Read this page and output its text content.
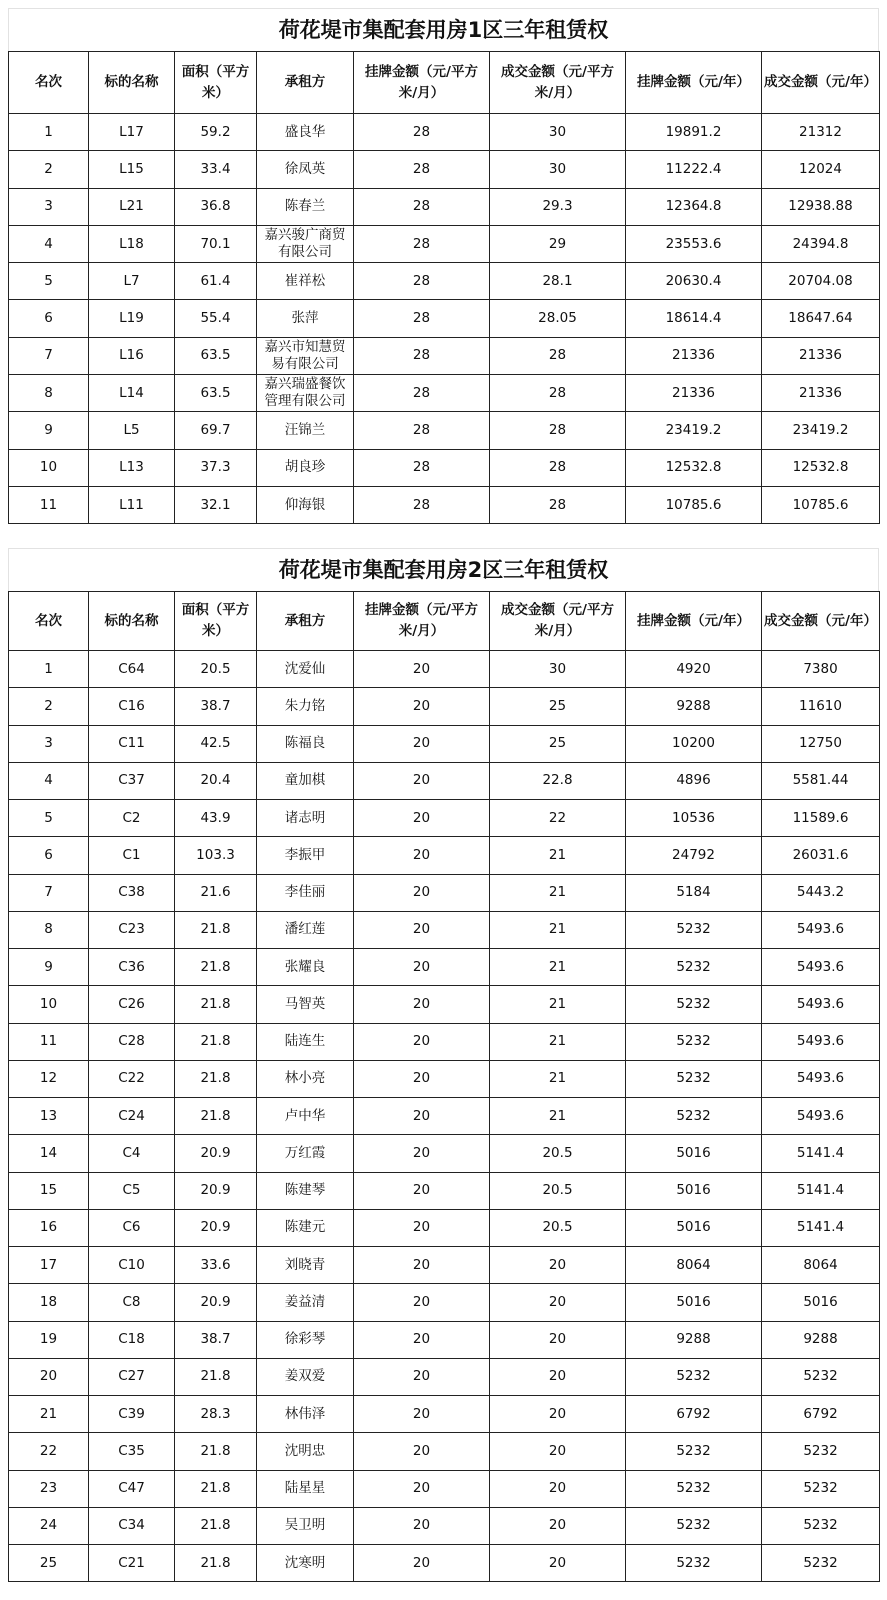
荷花堤市集配套用房1区三年租赁权
名次	标的名称	面积（平方米）	承租方	挂牌金额（元/平方米/月）	成交金额（元/平方米/月）	挂牌金额（元/年）	成交金额（元/年）
1	L17	59.2	盛良华	28	30	19891.2	21312
2	L15	33.4	徐凤英	28	30	11222.4	12024
3	L21	36.8	陈春兰	28	29.3	12364.8	12938.88
4	L18	70.1	嘉兴骏广商贸有限公司	28	29	23553.6	24394.8
5	L7	61.4	崔祥松	28	28.1	20630.4	20704.08
6	L19	55.4	张萍	28	28.05	18614.4	18647.64
7	L16	63.5	嘉兴市知慧贸易有限公司	28	28	21336	21336
8	L14	63.5	嘉兴瑞盛餐饮管理有限公司	28	28	21336	21336
9	L5	69.7	汪锦兰	28	28	23419.2	23419.2
10	L13	37.3	胡良珍	28	28	12532.8	12532.8
11	L11	32.1	仰海银	28	28	10785.6	10785.6
荷花堤市集配套用房2区三年租赁权
名次	标的名称	面积（平方米）	承租方	挂牌金额（元/平方米/月）	成交金额（元/平方米/月）	挂牌金额（元/年）	成交金额（元/年）
1	C64	20.5	沈爱仙	20	30	4920	7380
2	C16	38.7	朱力铭	20	25	9288	11610
3	C11	42.5	陈福良	20	25	10200	12750
4	C37	20.4	童加棋	20	22.8	4896	5581.44
5	C2	43.9	诸志明	20	22	10536	11589.6
6	C1	103.3	李振甲	20	21	24792	26031.6
7	C38	21.6	李佳丽	20	21	5184	5443.2
8	C23	21.8	潘红莲	20	21	5232	5493.6
9	C36	21.8	张耀良	20	21	5232	5493.6
10	C26	21.8	马智英	20	21	5232	5493.6
11	C28	21.8	陆连生	20	21	5232	5493.6
12	C22	21.8	林小亮	20	21	5232	5493.6
13	C24	21.8	卢中华	20	21	5232	5493.6
14	C4	20.9	万红霞	20	20.5	5016	5141.4
15	C5	20.9	陈建琴	20	20.5	5016	5141.4
16	C6	20.9	陈建元	20	20.5	5016	5141.4
17	C10	33.6	刘晓青	20	20	8064	8064
18	C8	20.9	姜益清	20	20	5016	5016
19	C18	38.7	徐彩琴	20	20	9288	9288
20	C27	21.8	姜双爱	20	20	5232	5232
21	C39	28.3	林伟泽	20	20	6792	6792
22	C35	21.8	沈明忠	20	20	5232	5232
23	C47	21.8	陆星星	20	20	5232	5232
24	C34	21.8	吴卫明	20	20	5232	5232
25	C21	21.8	沈寒明	20	20	5232	5232
